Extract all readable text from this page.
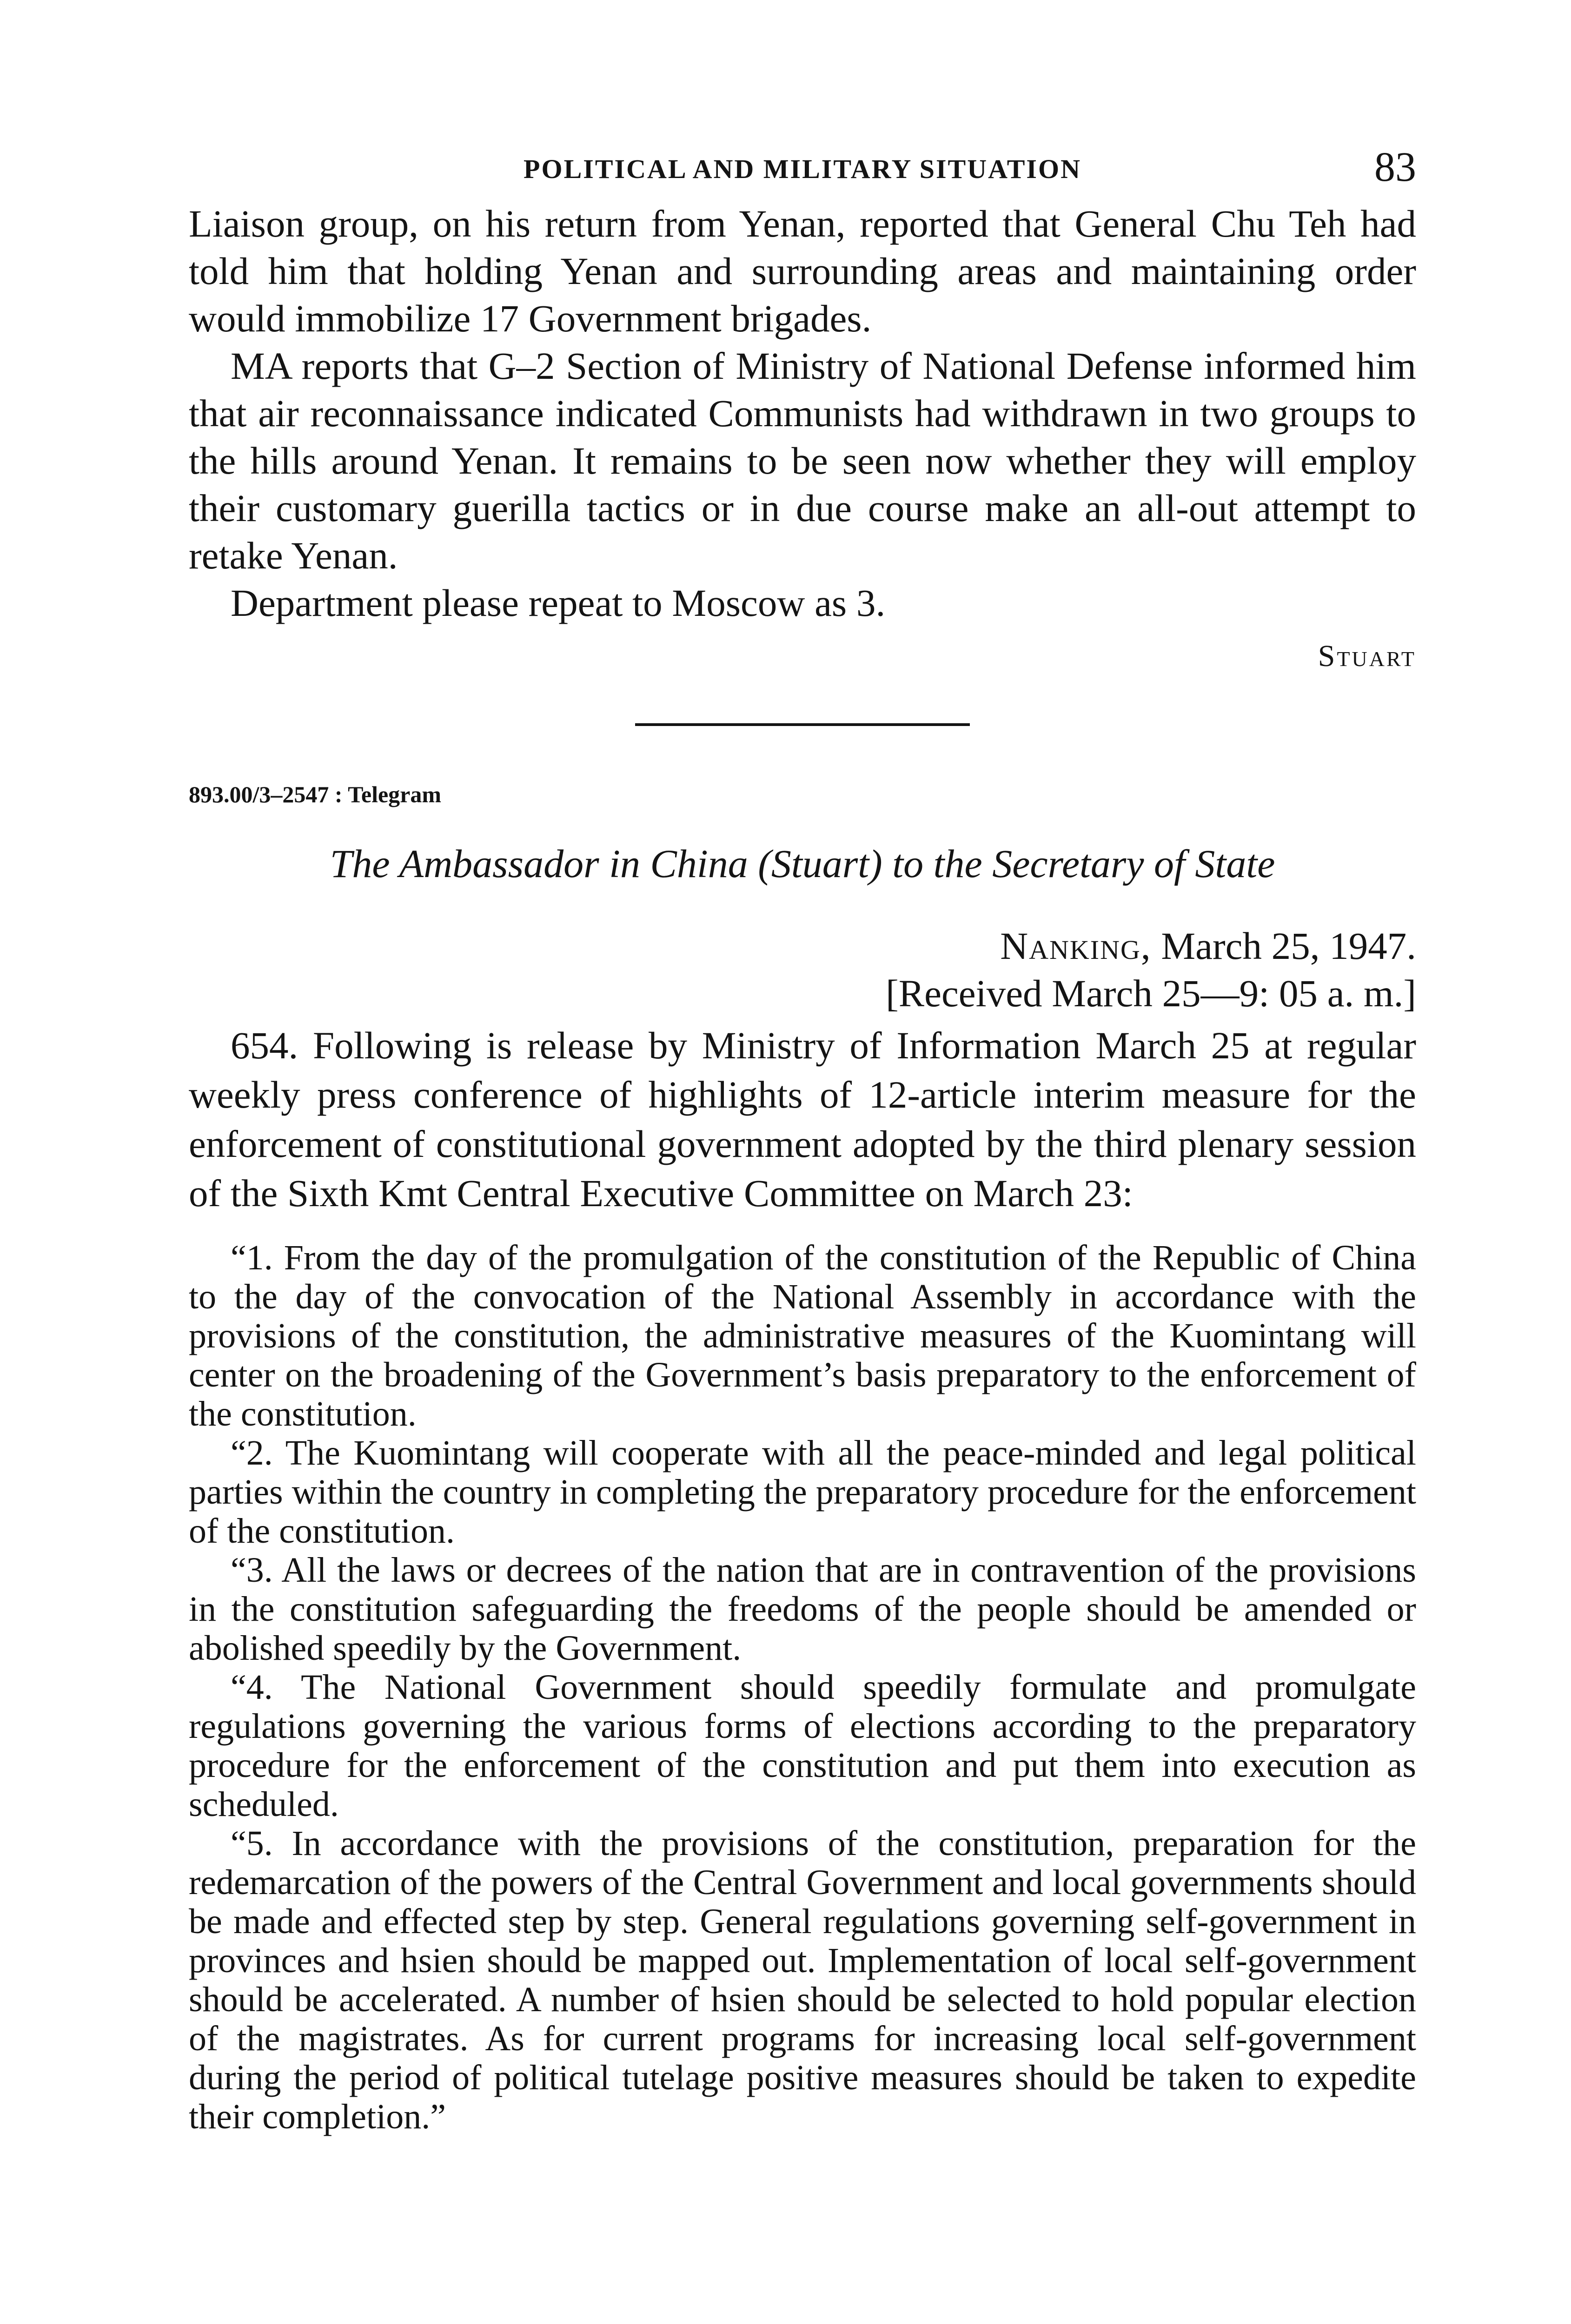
POLITICAL AND MILITARY SITUATION	83

Liaison group, on his return from Yenan, reported that General Chu Teh had told him that holding Yenan and surrounding areas and maintaining order would immobilize 17 Government brigades.

MA reports that G–2 Section of Ministry of National Defense informed him that air reconnaissance indicated Communists had withdrawn in two groups to the hills around Yenan. It remains to be seen now whether they will employ their customary guerilla tactics or in due course make an all-out attempt to retake Yenan.

Department please repeat to Moscow as 3.

Stuart
893.00/3–2547 : Telegram
The Ambassador in China (Stuart) to the Secretary of State
Nanking, March 25, 1947.
[Received March 25—9: 05 a. m.]

654. Following is release by Ministry of Information March 25 at regular weekly press conference of highlights of 12-article interim measure for the enforcement of constitutional government adopted by the third plenary session of the Sixth Kmt Central Executive Committee on March 23:

“1. From the day of the promulgation of the constitution of the Republic of China to the day of the convocation of the National Assembly in accordance with the provisions of the constitution, the administrative measures of the Kuomintang will center on the broadening of the Government’s basis preparatory to the enforcement of the constitution.

“2. The Kuomintang will cooperate with all the peace-minded and legal political parties within the country in completing the preparatory procedure for the enforcement of the constitution.

“3. All the laws or decrees of the nation that are in contravention of the provisions in the constitution safeguarding the freedoms of the people should be amended or abolished speedily by the Government.

“4. The National Government should speedily formulate and promulgate regulations governing the various forms of elections according to the preparatory procedure for the enforcement of the constitution and put them into execution as scheduled.

“5. In accordance with the provisions of the constitution, preparation for the redemarcation of the powers of the Central Government and local governments should be made and effected step by step. General regulations governing self-government in provinces and hsien should be mapped out. Implementation of local self-government should be accelerated. A number of hsien should be selected to hold popular election of the magistrates. As for current programs for increasing local self-government during the period of political tutelage positive measures should be taken to expedite their completion.”
